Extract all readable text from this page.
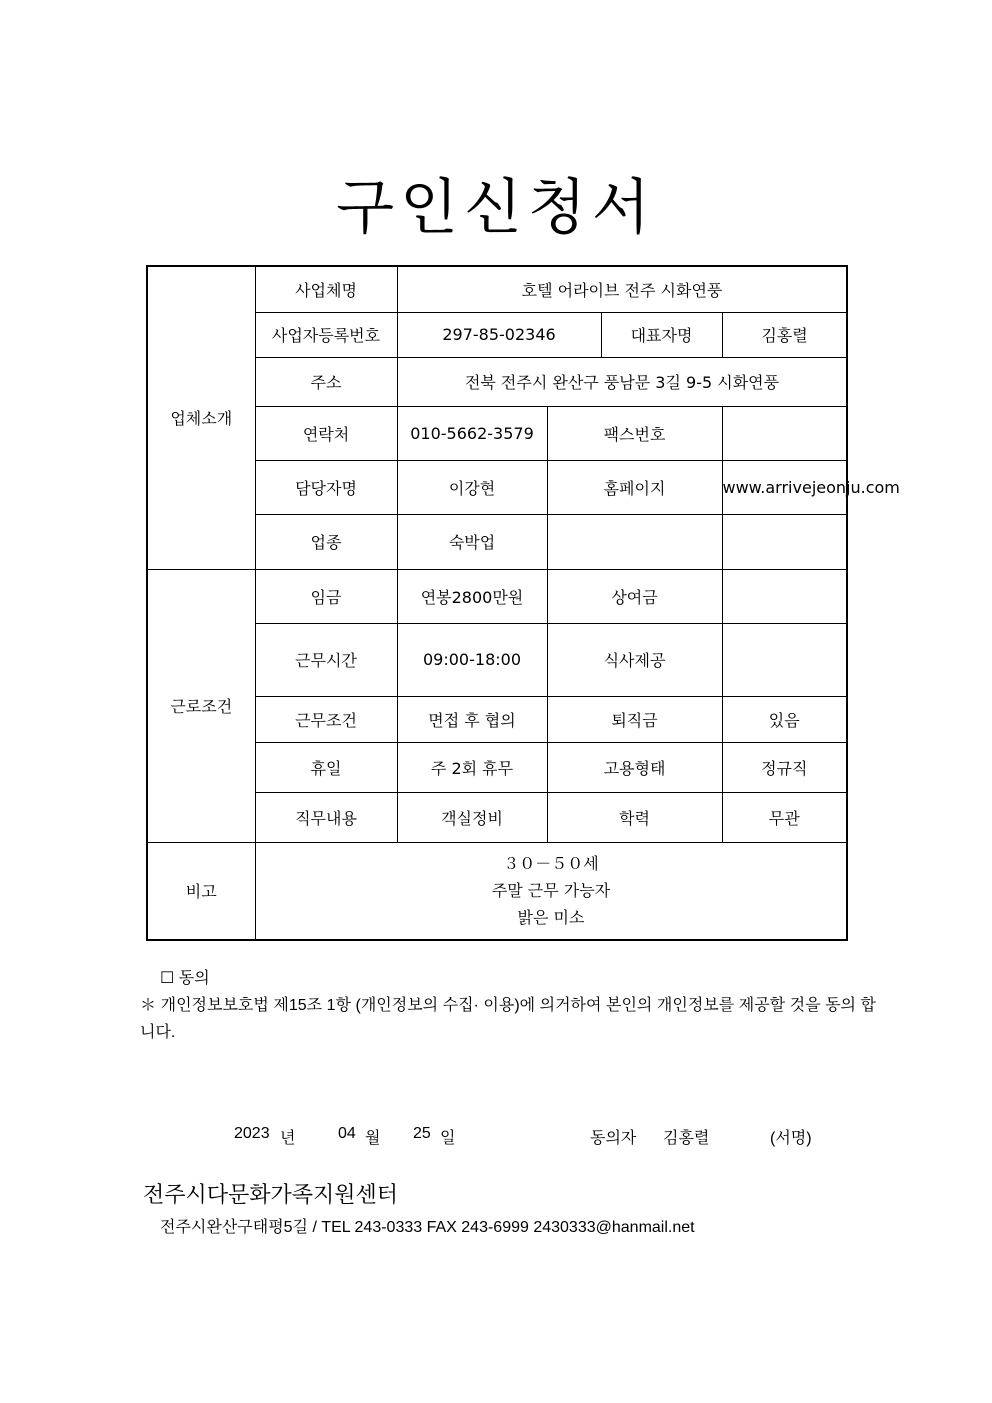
구인신청서
업체소개	사업체명	호텔 어라이브 전주 시화연풍			
	사업자등록번호	297-85-02346		대표자명	김홍렬
	주소	전북 전주시 완산구 풍남문 3길 9-5 시화연풍			
	연락처	010-5662-3579	팩스번호		
	담당자명	이강현	홈페이지		www.arrivejeonju.com
	업종	숙박업			
근로조건	임금	연봉2800만원	상여금		
	근무시간	09:00-18:00	식사제공		
	근무조건	면접 후 협의	퇴직금		있음
	휴일	주 2회 휴무	고용형태		정규직
	직무내용	객실정비	학력		무관
비고	３０－５０세
주말 근무 가능자
밝은 미소				
☐ 동의
＊ 개인정보보호법 제15조 1항 (개인정보의 수집· 이용)에 의거하여 본인의 개인정보를 제공할 것을 동의 합니다.
2023 년	04 월 25 일	동의자 김홍렬	(서명)
전주시다문화가족지원센터
전주시완산구태평5길 / TEL 243-0333 FAX 243-6999 2430333@hanmail.net
